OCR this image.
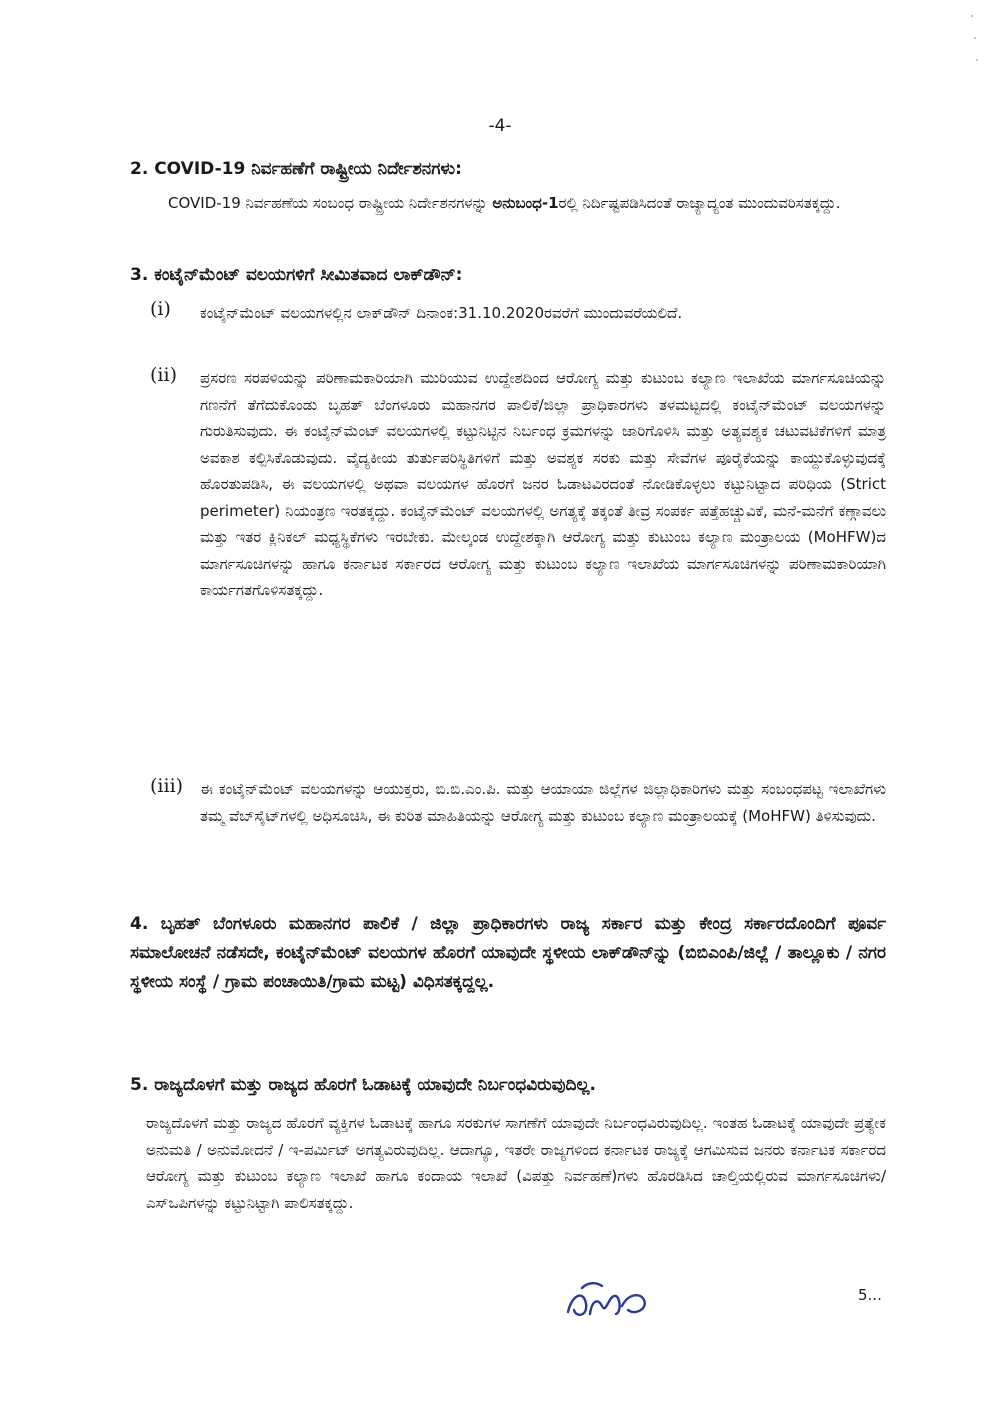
-4-
2. COVID-19 ನಿರ್ವಹಣೆಗೆ ರಾಷ್ಟ್ರೀಯ ನಿರ್ದೇಶನಗಳು:
COVID-19 ನಿರ್ವಹಣೆಯ ಸಂಬಂಧ ರಾಷ್ಟ್ರೀಯ ನಿರ್ದೇಶನಗಳನ್ನು ಅನುಬಂಧ-1ರಲ್ಲಿ ನಿರ್ದಿಷ್ಟಪಡಿಸಿದಂತೆ ರಾಜ್ಯಾದ್ಯಂತ ಮುಂದುವರಿಸತಕ್ಕದ್ದು.
3. ಕಂಟೈನ್‌ಮೆಂಟ್ ವಲಯಗಳಿಗೆ ಸೀಮಿತವಾದ ಲಾಕ್‌ಡೌನ್:
(i) ಕಂಟೈನ್‌ಮೆಂಟ್ ವಲಯಗಳಲ್ಲಿನ ಲಾಕ್‌ಡೌನ್ ದಿನಾಂಕ:31.10.2020ರವರೆಗೆ ಮುಂದುವರೆಯಲಿದೆ.
(ii) ಪ್ರಸರಣ ಸರಪಳಿಯನ್ನು ಪರಿಣಾಮಕಾರಿಯಾಗಿ ಮುರಿಯುವ ಉದ್ದೇಶದಿಂದ ಆರೋಗ್ಯ ಮತ್ತು ಕುಟುಂಬ ಕಲ್ಯಾಣ ಇಲಾಖೆಯ ಮಾರ್ಗಸೂಚಿಯನ್ನು ಗಣನೆಗೆ ತೆಗೆದುಕೊಂಡು ಬೃಹತ್ ಬೆಂಗಳೂರು ಮಹಾನಗರ ಪಾಲಿಕೆ/ಜಿಲ್ಲಾ ಪ್ರಾಧಿಕಾರಗಳು ತಳಮಟ್ಟದಲ್ಲಿ ಕಂಟೈನ್‌ಮೆಂಟ್ ವಲಯಗಳನ್ನು ಗುರುತಿಸುವುದು. ಈ ಕಂಟೈನ್‌ಮೆಂಟ್ ವಲಯಗಳಲ್ಲಿ ಕಟ್ಟುನಿಟ್ಟಿನ ನಿರ್ಬಂಧ ಕ್ರಮಗಳನ್ನು ಜಾರಿಗೊಳಿಸಿ ಮತ್ತು ಅತ್ಯವಶ್ಯಕ ಚಟುವಟಿಕೆಗಳಿಗೆ ಮಾತ್ರ ಅವಕಾಶ ಕಲ್ಪಿಸಿಕೊಡುವುದು. ವೈದ್ಯಕೀಯ ತುರ್ತುಪರಿಸ್ಥಿತಿಗಳಿಗೆ ಮತ್ತು ಅವಶ್ಯಕ ಸರಕು ಮತ್ತು ಸೇವೆಗಳ ಪೂರೈಕೆಯನ್ನು ಕಾಯ್ದುಕೊಳ್ಳುವುದಕ್ಕೆ ಹೊರತುಪಡಿಸಿ, ಈ ವಲಯಗಳಲ್ಲಿ ಅಥವಾ ವಲಯಗಳ ಹೊರಗೆ ಜನರ ಓಡಾಟವಿರದಂತೆ ನೋಡಿಕೊಳ್ಳಲು ಕಟ್ಟುನಿಟ್ಟಾದ ಪರಿಧಿಯ (Strict perimeter) ನಿಯಂತ್ರಣ ಇರತಕ್ಕದ್ದು. ಕಂಟೈನ್‌ಮೆಂಟ್ ವಲಯಗಳಲ್ಲಿ ಅಗತ್ಯಕ್ಕೆ ತಕ್ಕಂತೆ ತೀವ್ರ ಸಂಪರ್ಕ ಪತ್ತೆಹಚ್ಚುವಿಕೆ, ಮನೆ-ಮನೆಗೆ ಕಣ್ಗಾವಲು ಮತ್ತು ಇತರ ಕ್ಲಿನಿಕಲ್ ಮಧ್ಯಸ್ಥಿಕೆಗಳು ಇರಬೇಕು. ಮೇಲ್ಕಂಡ ಉದ್ದೇಶಕ್ಕಾಗಿ ಆರೋಗ್ಯ ಮತ್ತು ಕುಟುಂಬ ಕಲ್ಯಾಣ ಮಂತ್ರಾಲಯ (MoHFW)ದ ಮಾರ್ಗಸೂಚಿಗಳನ್ನು ಹಾಗೂ ಕರ್ನಾಟಕ ಸರ್ಕಾರದ ಆರೋಗ್ಯ ಮತ್ತು ಕುಟುಂಬ ಕಲ್ಯಾಣ ಇಲಾಖೆಯ ಮಾರ್ಗಸೂಚಿಗಳನ್ನು ಪರಿಣಾಮಕಾರಿಯಾಗಿ ಕಾರ್ಯಗತಗೊಳಿಸತಕ್ಕದ್ದು.
(iii) ಈ ಕಂಟೈನ್‌ಮೆಂಟ್ ವಲಯಗಳನ್ನು ಆಯುಕ್ತರು, ಬಿ.ಬಿ.ಎಂ.ಪಿ. ಮತ್ತು ಆಯಾಯಾ ಜಿಲ್ಲೆಗಳ ಜಿಲ್ಲಾಧಿಕಾರಿಗಳು ಮತ್ತು ಸಂಬಂಧಪಟ್ಟ ಇಲಾಖೆಗಳು ತಮ್ಮ ವೆಬ್‌ಸೈಟ್‌ಗಳಲ್ಲಿ ಅಧಿಸೂಚಿಸಿ, ಈ ಕುರಿತ ಮಾಹಿತಿಯನ್ನು ಆರೋಗ್ಯ ಮತ್ತು ಕುಟುಂಬ ಕಲ್ಯಾಣ ಮಂತ್ರಾಲಯಕ್ಕೆ (MoHFW) ತಿಳಿಸುವುದು.
4. ಬೃಹತ್ ಬೆಂಗಳೂರು ಮಹಾನಗರ ಪಾಲಿಕೆ / ಜಿಲ್ಲಾ ಪ್ರಾಧಿಕಾರಗಳು ರಾಜ್ಯ ಸರ್ಕಾರ ಮತ್ತು ಕೇಂದ್ರ ಸರ್ಕಾರದೊಂದಿಗೆ ಪೂರ್ವ ಸಮಾಲೋಚನೆ ನಡೆಸದೇ, ಕಂಟೈನ್‌ಮೆಂಟ್ ವಲಯಗಳ ಹೊರಗೆ ಯಾವುದೇ ಸ್ಥಳೀಯ ಲಾಕ್‌ಡೌನ್‌ನ್ನು (ಬಿಬಿಎಂಪಿ/ಜಿಲ್ಲೆ / ತಾಲ್ಲೂಕು / ನಗರ ಸ್ಥಳೀಯ ಸಂಸ್ಥೆ / ಗ್ರಾಮ ಪಂಚಾಯಿತಿ/ಗ್ರಾಮ ಮಟ್ಟ) ವಿಧಿಸತಕ್ಕದ್ದಲ್ಲ.
5. ರಾಜ್ಯದೊಳಗೆ ಮತ್ತು ರಾಜ್ಯದ ಹೊರಗೆ ಓಡಾಟಕ್ಕೆ ಯಾವುದೇ ನಿರ್ಬಂಧವಿರುವುದಿಲ್ಲ.
ರಾಜ್ಯದೊಳಗೆ ಮತ್ತು ರಾಜ್ಯದ ಹೊರಗೆ ವ್ಯಕ್ತಿಗಳ ಓಡಾಟಕ್ಕೆ ಹಾಗೂ ಸರಕುಗಳ ಸಾಗಣೆಗೆ ಯಾವುದೇ ನಿರ್ಬಂಧವಿರುವುದಿಲ್ಲ. ಇಂತಹ ಓಡಾಟಕ್ಕೆ ಯಾವುದೇ ಪ್ರತ್ಯೇಕ ಅನುಮತಿ / ಅನುಮೋದನೆ / ಇ-ಪರ್ಮಿಟ್ ಅಗತ್ಯವಿರುವುದಿಲ್ಲ. ಆದಾಗ್ಯೂ, ಇತರೇ ರಾಜ್ಯಗಳಿಂದ ಕರ್ನಾಟಕ ರಾಜ್ಯಕ್ಕೆ ಆಗಮಿಸುವ ಜನರು ಕರ್ನಾಟಕ ಸರ್ಕಾರದ ಆರೋಗ್ಯ ಮತ್ತು ಕುಟುಂಬ ಕಲ್ಯಾಣ ಇಲಾಖೆ ಹಾಗೂ ಕಂದಾಯ ಇಲಾಖೆ (ವಿಪತ್ತು ನಿರ್ವಹಣೆ)ಗಳು ಹೊರಡಿಸಿದ ಚಾಲ್ತಿಯಲ್ಲಿರುವ ಮಾರ್ಗಸೂಚಿಗಳು/ಎಸ್‌ಒಪಿಗಳನ್ನು ಕಟ್ಟುನಿಟ್ಟಾಗಿ ಪಾಲಿಸತಕ್ಕದ್ದು.
5...
